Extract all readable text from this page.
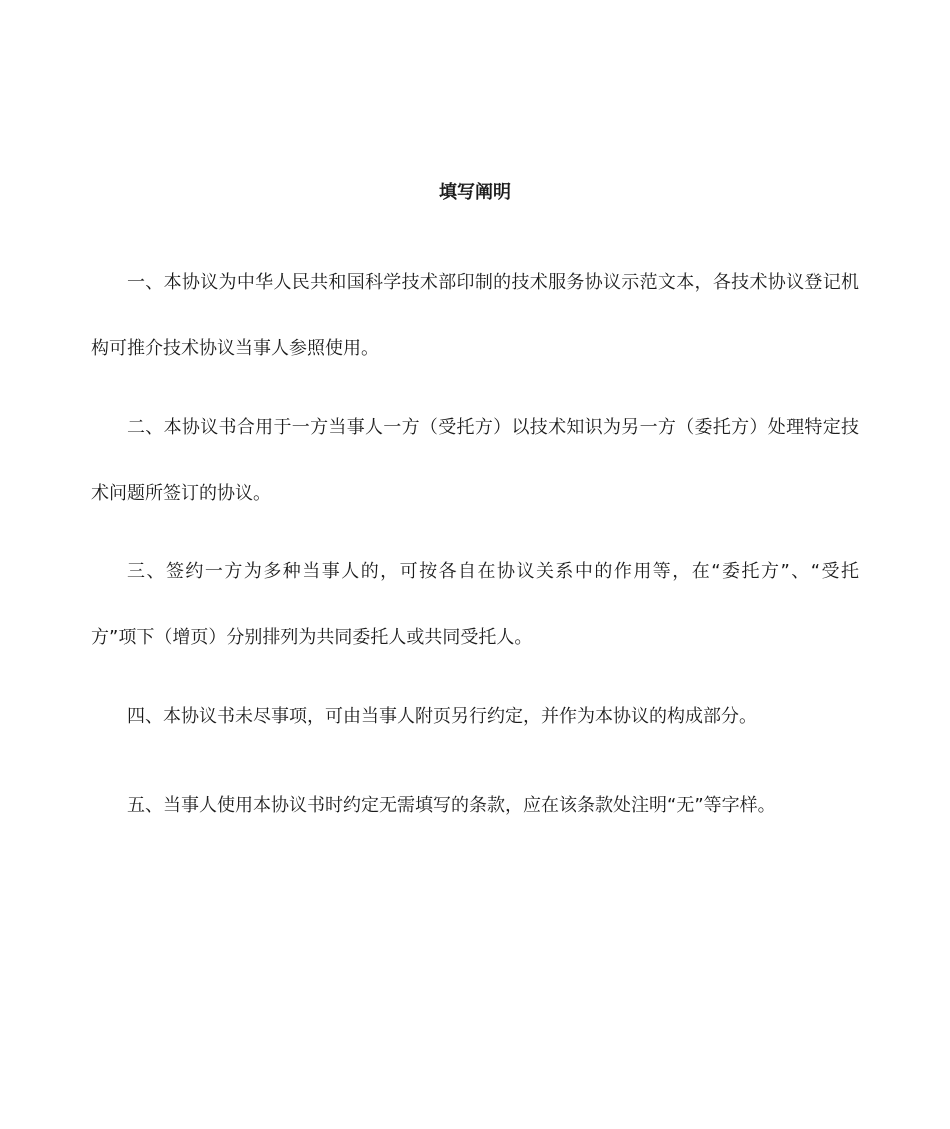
填写阐明

一、本协议为中华人民共和国科学技术部印制的技术服务协议示范文本，各技术协议登记机
构可推介技术协议当事人参照使用。

二、本协议书合用于一方当事人一方（受托方）以技术知识为另一方（委托方）处理特定技
术问题所签订的协议。

三、签约一方为多种当事人的，可按各自在协议关系中的作用等，在“委托方”、“受托
方”项下（增页）分别排列为共同委托人或共同受托人。

四、本协议书未尽事项，可由当事人附页另行约定，并作为本协议的构成部分。

五、当事人使用本协议书时约定无需填写的条款，应在该条款处注明“无”等字样。
